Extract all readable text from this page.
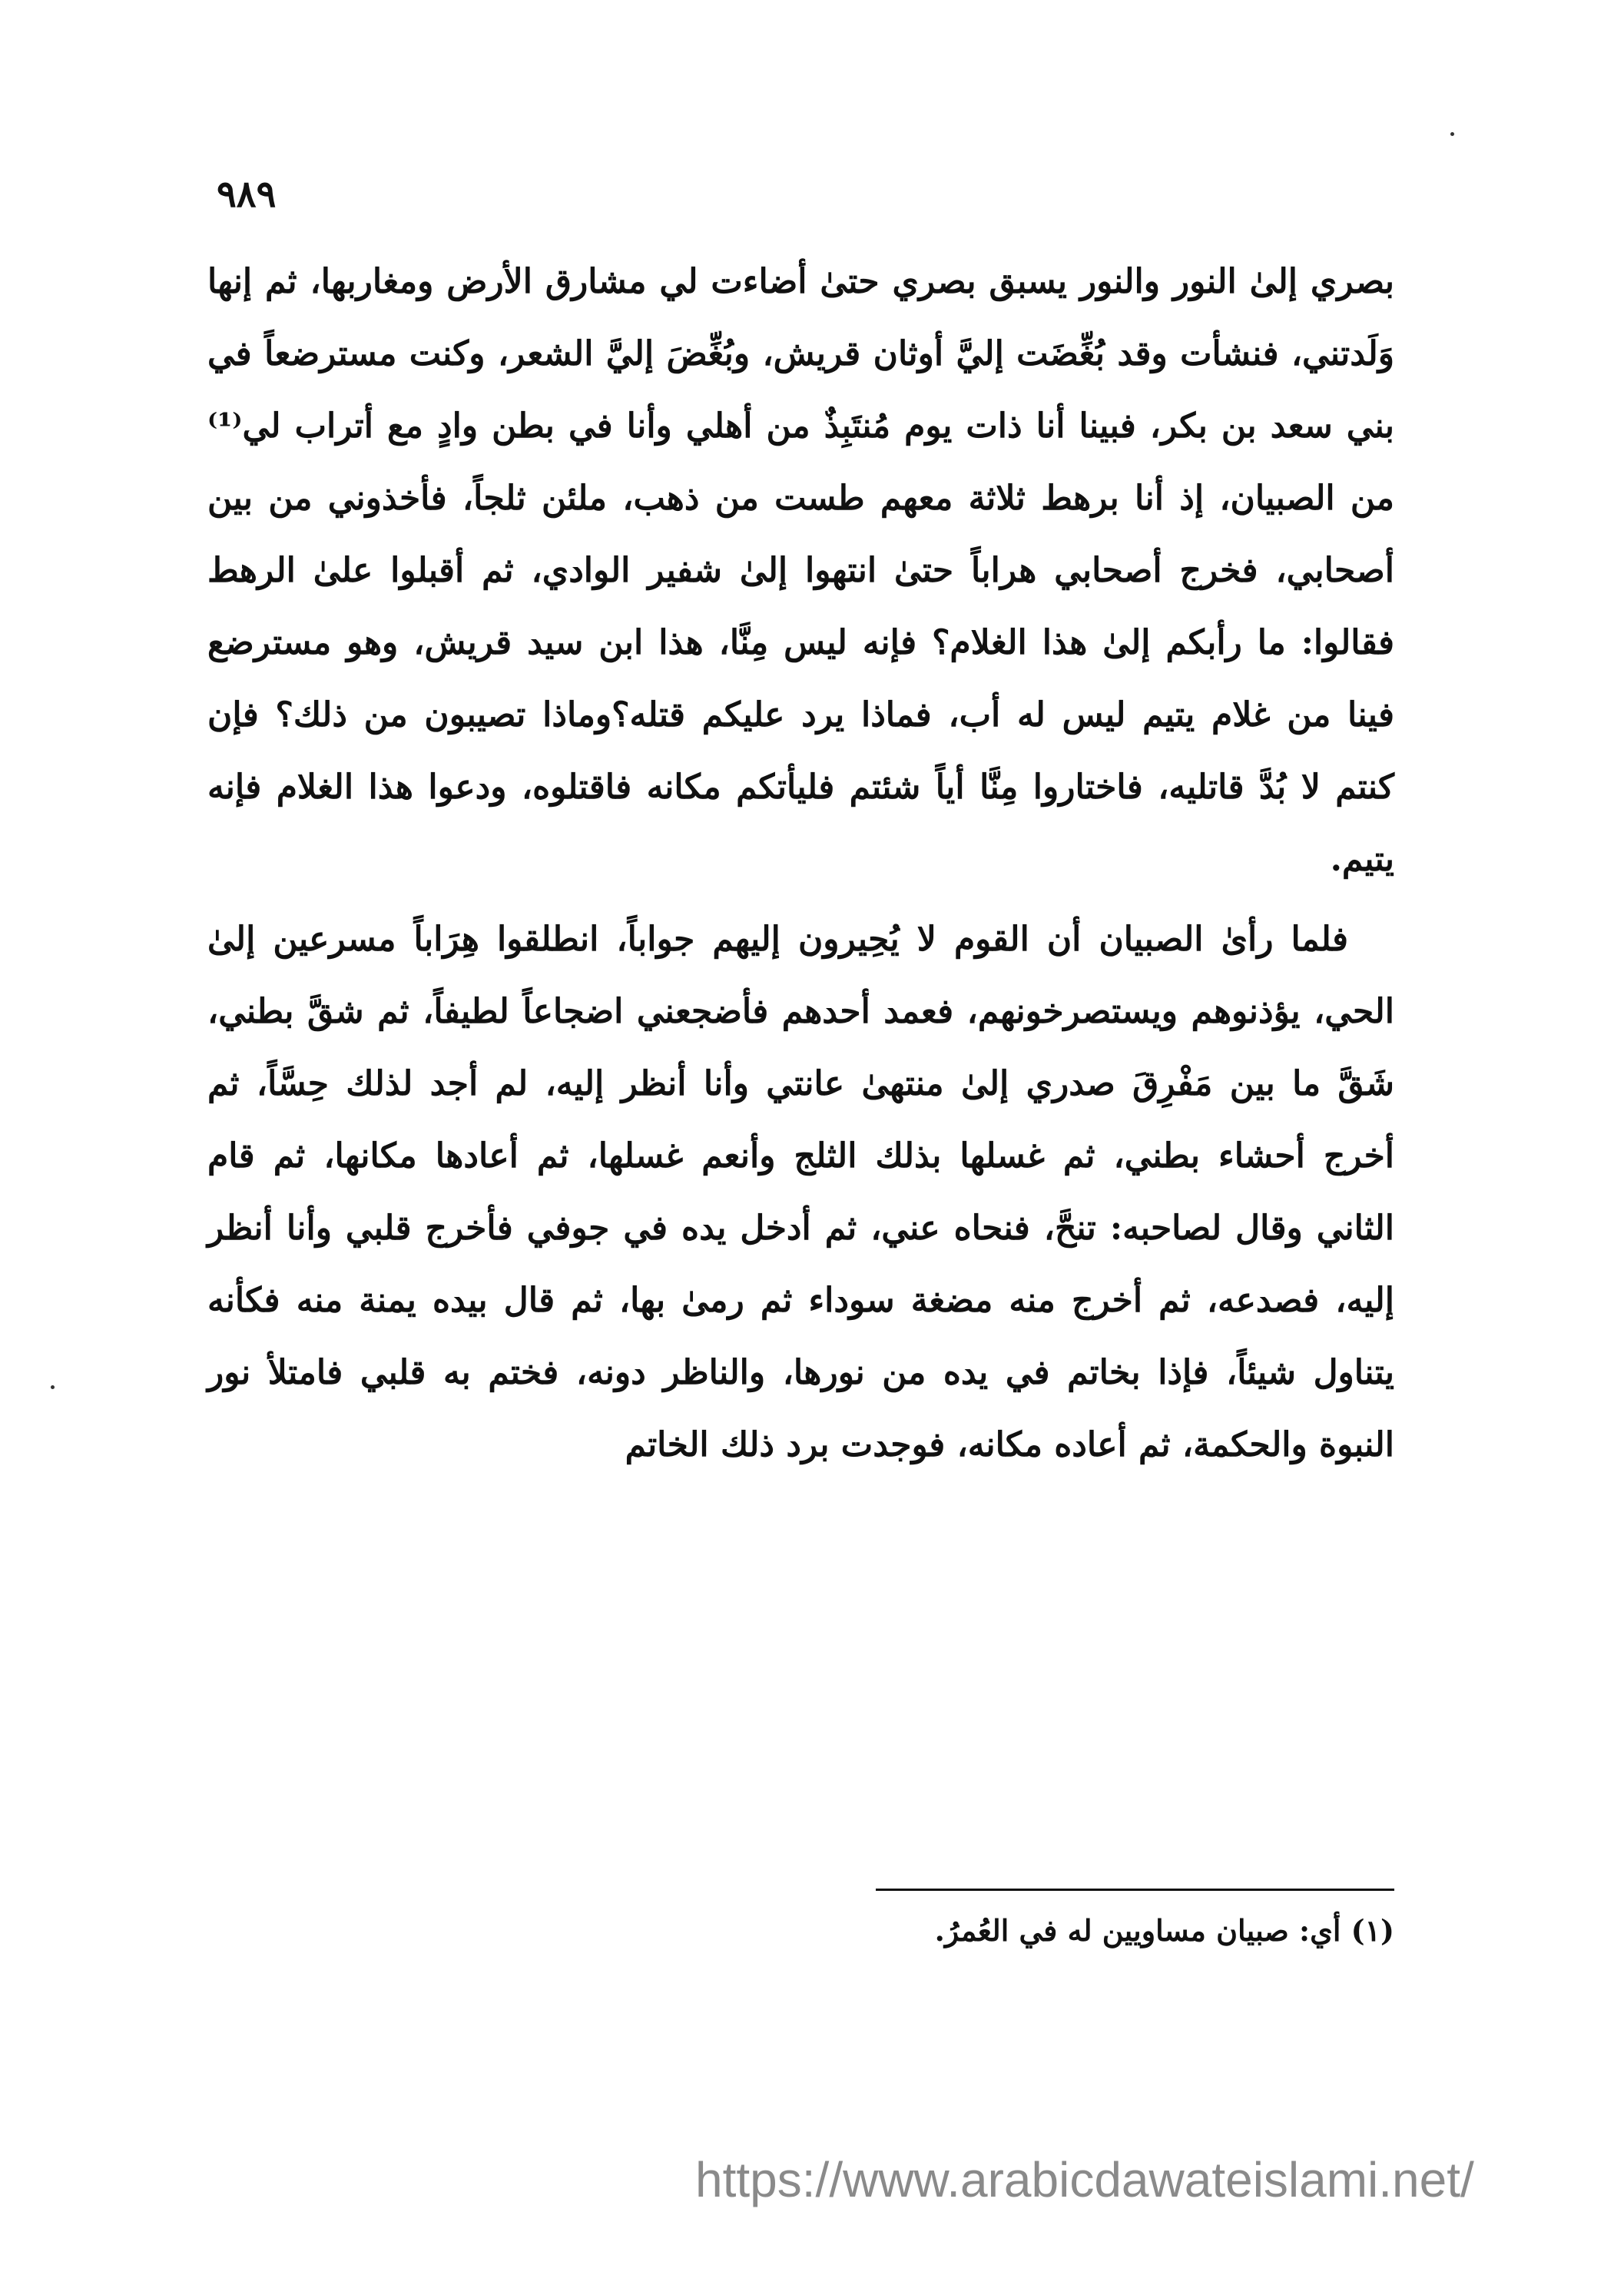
٩٨٩

بصري إلىٰ النور والنور يسبق بصري حتىٰ أضاءت لي مشارق الأرض ومغاربها، ثم إنها وَلَدتني، فنشأت وقد بُغِّضَت إليَّ أوثان قريش، وبُغِّضَ إليَّ الشعر، وكنت مسترضعاً في بني سعد بن بكر، فبينا أنا ذات يوم مُنتَبِذٌ من أهلي وأنا في بطن وادٍ مع أتراب لي⁽¹⁾ من الصبيان، إذ أنا برهط ثلاثة معهم طست من ذهب، ملئن ثلجاً، فأخذوني من بين أصحابي، فخرج أصحابي هراباً حتىٰ انتهوا إلىٰ شفير الوادي، ثم أقبلوا علىٰ الرهط فقالوا: ما رأبكم إلىٰ هذا الغلام؟ فإنه ليس مِنَّا، هذا ابن سيد قريش، وهو مسترضع فينا من غلام يتيم ليس له أب، فماذا يرد عليكم قتله؟وماذا تصيبون من ذلك؟ فإن كنتم لا بُدَّ قاتليه، فاختاروا مِنَّا أياً شئتم فليأتكم مكانه فاقتلوه، ودعوا هذا الغلام فإنه يتيم.

فلما رأىٰ الصبيان أن القوم لا يُحِيرون إليهم جواباً، انطلقوا هِرَاباً مسرعين إلىٰ الحي، يؤذنوهم ويستصرخونهم، فعمد أحدهم فأضجعني اضجاعاً لطيفاً، ثم شقَّ بطني، شَقَّ ما بين مَفْرِقَ صدري إلىٰ منتهىٰ عانتي وأنا أنظر إليه، لم أجد لذلك حِسَّاً، ثم أخرج أحشاء بطني، ثم غسلها بذلك الثلج وأنعم غسلها، ثم أعادها مكانها، ثم قام الثاني وقال لصاحبه: تنحَّ، فنحاه عني، ثم أدخل يده في جوفي فأخرج قلبي وأنا أنظر إليه، فصدعه، ثم أخرج منه مضغة سوداء ثم رمىٰ بها، ثم قال بيده يمنة منه فكأنه يتناول شيئاً، فإذا بخاتم في يده من نورها، والناظر دونه، فختم به قلبي فامتلأ نور النبوة والحكمة، ثم أعاده مكانه، فوجدت برد ذلك الخاتم

(١) أي: صبيان مساويين له في العُمرُ.
https://www.arabicdawateislami.net/
